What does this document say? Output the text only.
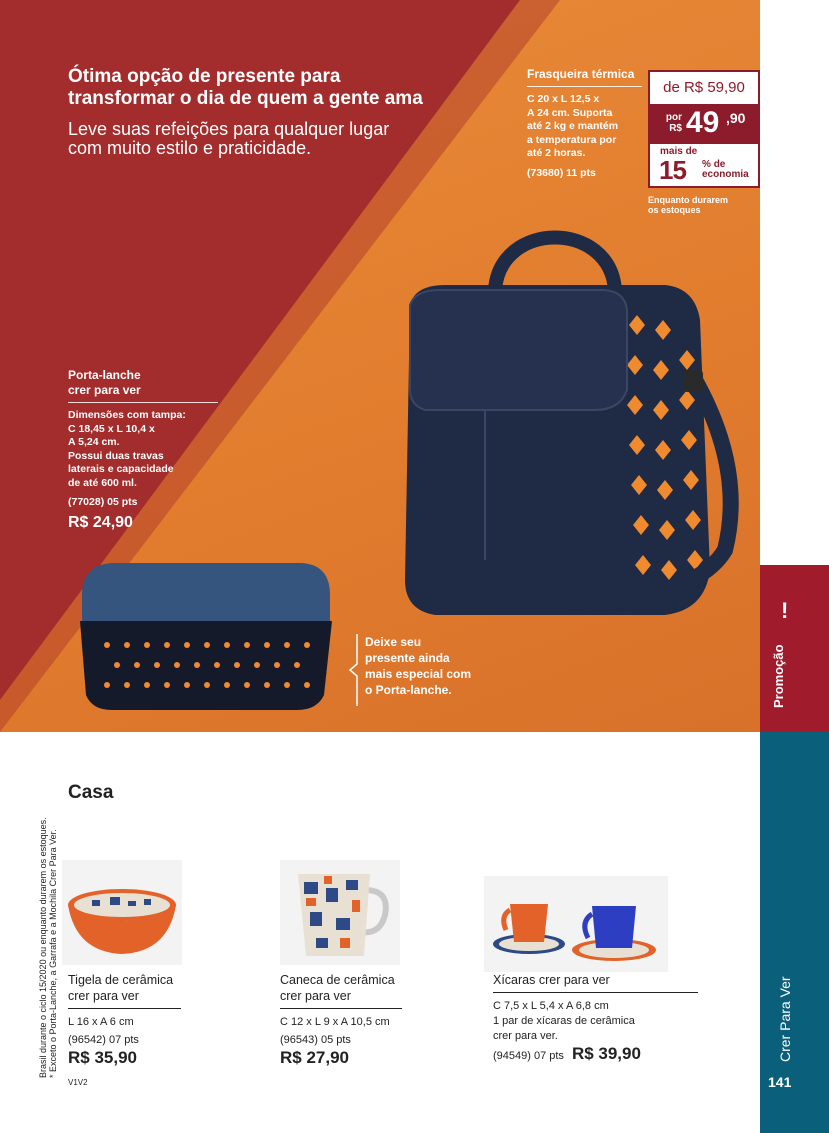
Ótima opção de presente para
transformar o dia de quem a gente ama
Leve suas refeições para qualquer lugar
com muito estilo e praticidade.
Frasqueira térmica
C 20 x L 12,5 x
A 24 cm. Suporta
até 2 kg e mantém
a temperatura por
até 2 horas.
(73680) 11 pts
de R$ 59,90
por
R$ 49 ,90
mais de
15 % de
economia
Enquanto durarem
os estoques
Porta-lanche
crer para ver
Dimensões com tampa:
C 18,45 x L 10,4 x
A 5,24 cm.
Possui duas travas
laterais e capacidade
de até 600 ml.
(77028) 05 pts
R$ 24,90
Deixe seu
presente ainda
mais especial com
o Porta-lanche.
!
Promoção
Crer Para Ver
141
Brasil durante o ciclo 15/2020 ou enquanto durarem os estoques. * Exceto o Porta-Lanche, a Garrafa e a Mochila Crer Para Ver.
Casa
Tigela de cerâmica
crer para ver
L 16 x A 6 cm
(96542) 07 pts
R$ 35,90
Caneca de cerâmica
crer para ver
C 12 x L 9 x A 10,5 cm
(96543) 05 pts
R$ 27,90
Xícaras crer para ver
C 7,5 x L 5,4 x A 6,8 cm
1 par de xícaras de cerâmica
crer para ver.
(94549) 07 pts R$ 39,90
V1V2
